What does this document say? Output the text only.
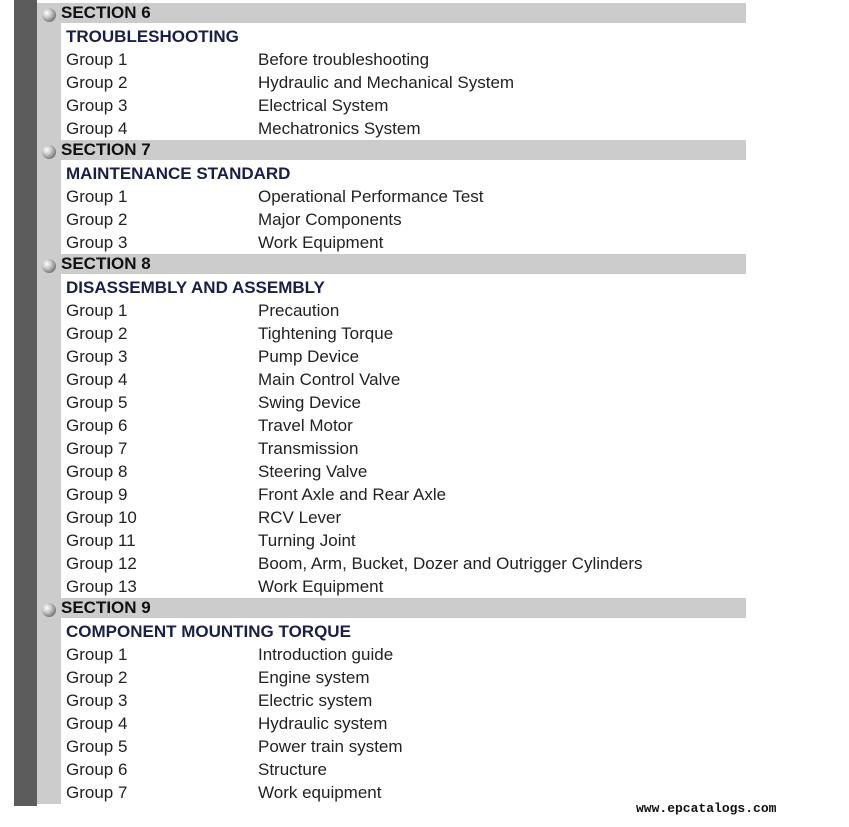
SECTION 6
TROUBLESHOOTING
Group 1	Before troubleshooting
Group 2	Hydraulic and Mechanical System
Group 3	Electrical System
Group 4	Mechatronics System
SECTION 7
MAINTENANCE STANDARD
Group 1	Operational Performance Test
Group 2	Major Components
Group 3	Work Equipment
SECTION 8
DISASSEMBLY AND ASSEMBLY
Group 1	Precaution
Group 2	Tightening Torque
Group 3	Pump Device
Group 4	Main Control Valve
Group 5	Swing Device
Group 6	Travel Motor
Group 7	Transmission
Group 8	Steering Valve
Group 9	Front Axle and Rear Axle
Group 10	RCV Lever
Group 11	Turning Joint
Group 12	Boom, Arm, Bucket, Dozer and Outrigger Cylinders
Group 13	Work Equipment
SECTION 9
COMPONENT MOUNTING TORQUE
Group 1	Introduction guide
Group 2	Engine system
Group 3	Electric system
Group 4	Hydraulic system
Group 5	Power train system
Group 6	Structure
Group 7	Work equipment
www.epcatalogs.com
